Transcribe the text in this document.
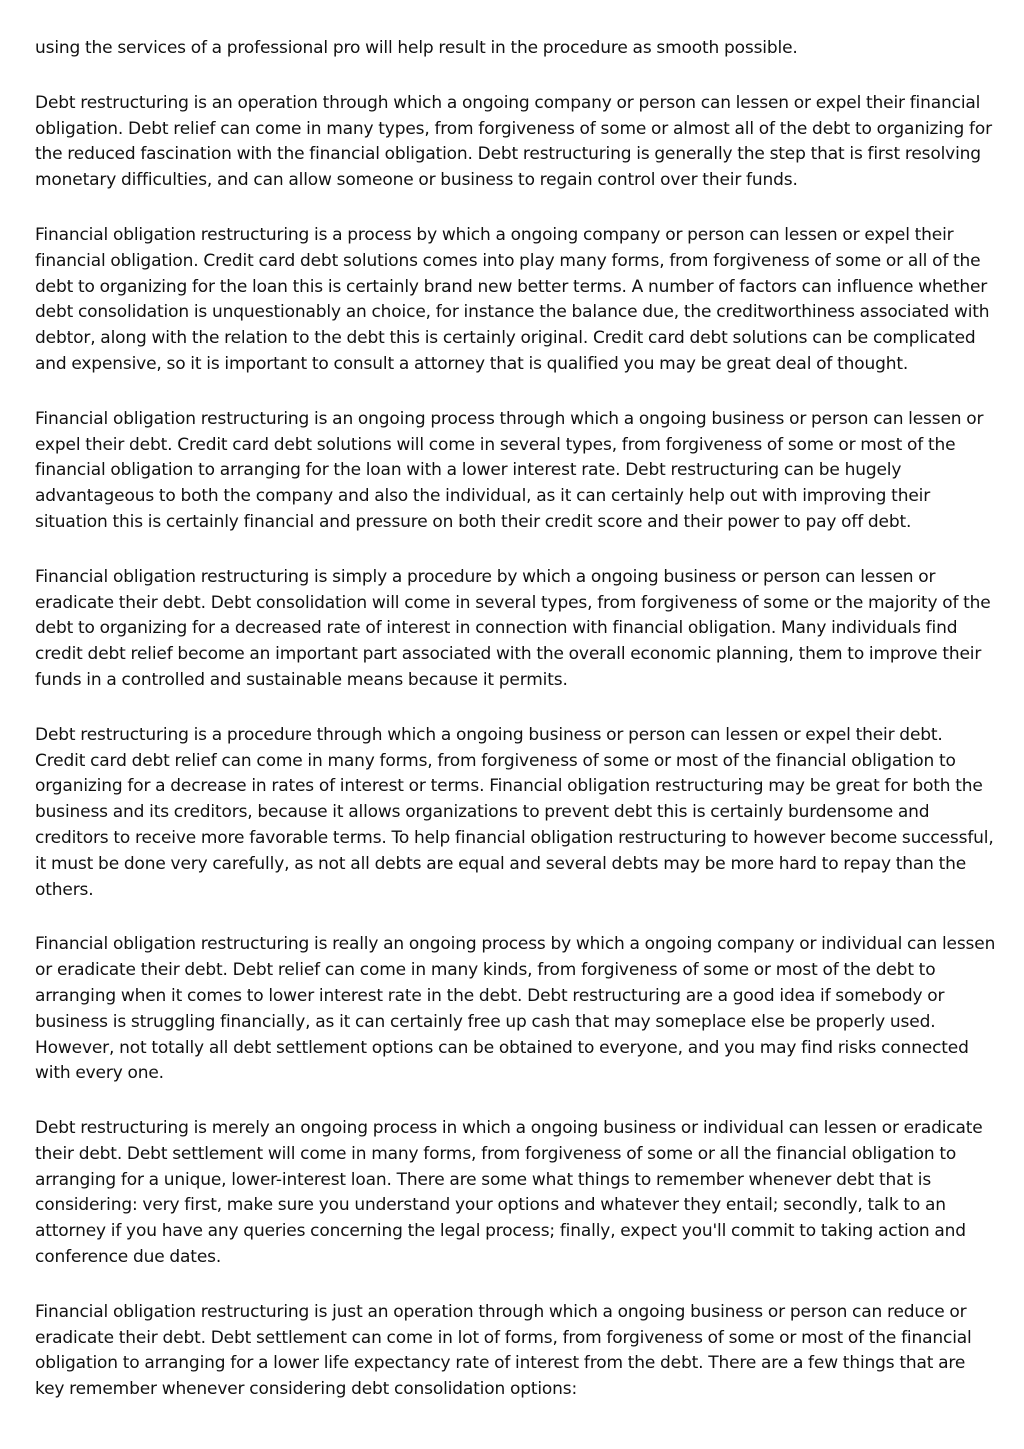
using the services of a professional pro will help result in the procedure as smooth possible.

Debt restructuring is an operation through which a ongoing company or person can lessen or expel their financial obligation. Debt relief can come in many types, from forgiveness of some or almost all of the debt to organizing for the reduced fascination with the financial obligation. Debt restructuring is generally the step that is first resolving monetary difficulties, and can allow someone or business to regain control over their funds.

Financial obligation restructuring is a process by which a ongoing company or person can lessen or expel their financial obligation. Credit card debt solutions comes into play many forms, from forgiveness of some or all of the debt to organizing for the loan this is certainly brand new better terms. A number of factors can influence whether debt consolidation is unquestionably an choice, for instance the balance due, the creditworthiness associated with debtor, along with the relation to the debt this is certainly original. Credit card debt solutions can be complicated and expensive, so it is important to consult a attorney that is qualified you may be great deal of thought.

Financial obligation restructuring is an ongoing process through which a ongoing business or person can lessen or expel their debt. Credit card debt solutions will come in several types, from forgiveness of some or most of the financial obligation to arranging for the loan with a lower interest rate. Debt restructuring can be hugely advantageous to both the company and also the individual, as it can certainly help out with improving their situation this is certainly financial and pressure on both their credit score and their power to pay off debt.

Financial obligation restructuring is simply a procedure by which a ongoing business or person can lessen or eradicate their debt. Debt consolidation will come in several types, from forgiveness of some or the majority of the debt to organizing for a decreased rate of interest in connection with financial obligation. Many individuals find credit debt relief become an important part associated with the overall economic planning, them to improve their funds in a controlled and sustainable means because it permits.

Debt restructuring is a procedure through which a ongoing business or person can lessen or expel their debt. Credit card debt relief can come in many forms, from forgiveness of some or most of the financial obligation to organizing for a decrease in rates of interest or terms. Financial obligation restructuring may be great for both the business and its creditors, because it allows organizations to prevent debt this is certainly burdensome and creditors to receive more favorable terms. To help financial obligation restructuring to however become successful, it must be done very carefully, as not all debts are equal and several debts may be more hard to repay than the others.

Financial obligation restructuring is really an ongoing process by which a ongoing company or individual can lessen or eradicate their debt. Debt relief can come in many kinds, from forgiveness of some or most of the debt to arranging when it comes to lower interest rate in the debt. Debt restructuring are a good idea if somebody or business is struggling financially, as it can certainly free up cash that may someplace else be properly used. However, not totally all debt settlement options can be obtained to everyone, and you may find risks connected with every one.

Debt restructuring is merely an ongoing process in which a ongoing business or individual can lessen or eradicate their debt. Debt settlement will come in many forms, from forgiveness of some or all the financial obligation to arranging for a unique, lower-interest loan. There are some what things to remember whenever debt that is considering: very first, make sure you understand your options and whatever they entail; secondly, talk to an attorney if you have any queries concerning the legal process; finally, expect you'll commit to taking action and conference due dates.

Financial obligation restructuring is just an operation through which a ongoing business or person can reduce or eradicate their debt. Debt settlement can come in lot of forms, from forgiveness of some or most of the financial obligation to arranging for a lower life expectancy rate of interest from the debt. There are a few things that are key remember whenever considering debt consolidation options:
